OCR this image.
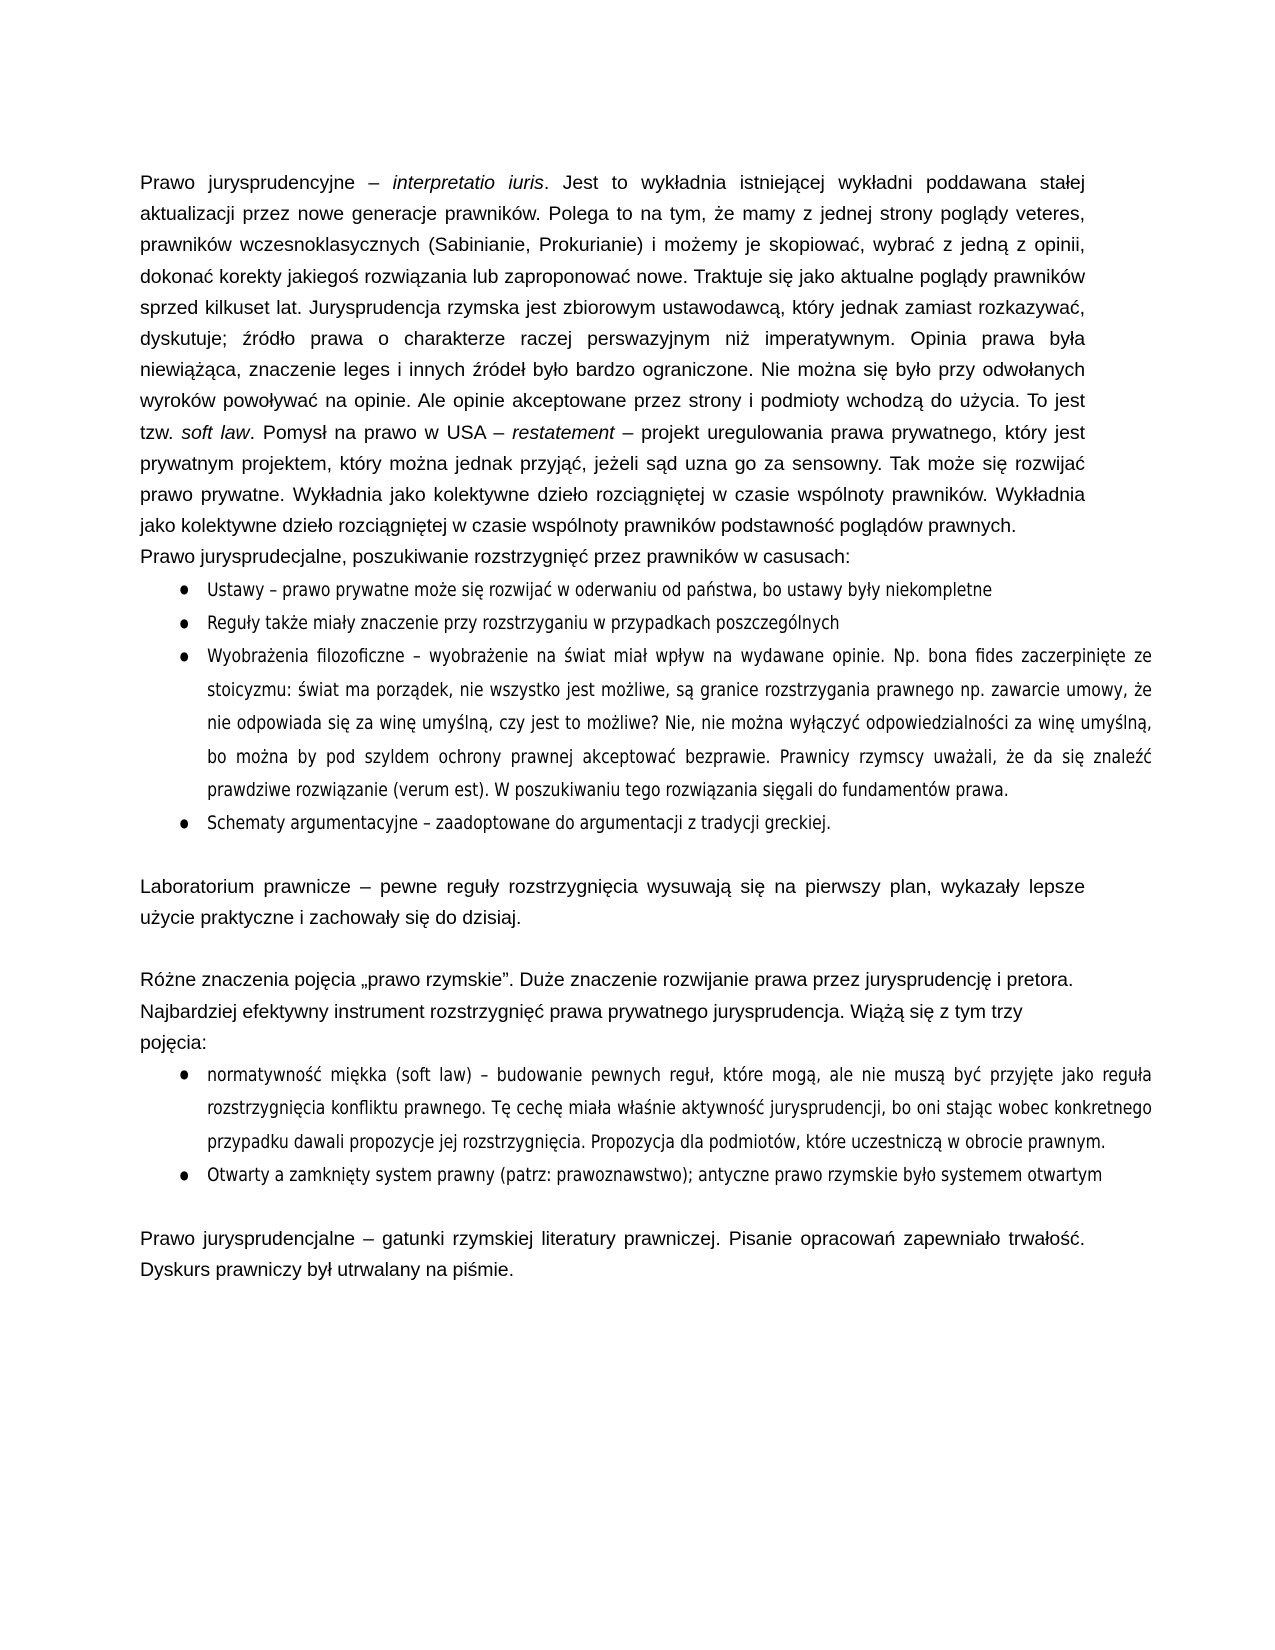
Prawo jurysprudencyjne – interpretatio iuris. Jest to wykładnia istniejącej wykładni poddawana stałej aktualizacji przez nowe generacje prawników. Polega to na tym, że mamy z jednej strony poglądy veteres, prawników wczesnoklasycznych (Sabinianie, Prokurianie) i możemy je skopiować, wybrać z jedną z opinii, dokonać korekty jakiegoś rozwiązania lub zaproponować nowe. Traktuje się jako aktualne poglądy prawników sprzed kilkuset lat. Jurysprudencja rzymska jest zbiorowym ustawodawcą, który jednak zamiast rozkazywać, dyskutuje; źródło prawa o charakterze raczej perswazyjnym niż imperatywnym. Opinia prawa była niewiążąca, znaczenie leges i innych źródeł było bardzo ograniczone. Nie można się było przy odwołanych wyroków powoływać na opinie. Ale opinie akceptowane przez strony i podmioty wchodzą do użycia. To jest tzw. soft law. Pomysł na prawo w USA – restatement – projekt uregulowania prawa prywatnego, który jest prywatnym projektem, który można jednak przyjąć, jeżeli sąd uzna go za sensowny. Tak może się rozwijać prawo prywatne. Wykładnia jako kolektywne dzieło rozciągniętej w czasie wspólnoty prawników. Wykładnia jako kolektywne dzieło rozciągniętej w czasie wspólnoty prawników podstawność poglądów prawnych.

Prawo jurysprudecjalne, poszukiwanie rozstrzygnięć przez prawników w casusach:

● Ustawy – prawo prywatne może się rozwijać w oderwaniu od państwa, bo ustawy były niekompletne
● Reguły także miały znaczenie przy rozstrzyganiu w przypadkach poszczególnych
● Wyobrażenia filozoficzne – wyobrażenie na świat miał wpływ na wydawane opinie. Np. bona fides zaczerpinięte ze stoicyzmu: świat ma porządek, nie wszystko jest możliwe, są granice rozstrzygania prawnego np. zawarcie umowy, że nie odpowiada się za winę umyślną, czy jest to możliwe? Nie, nie można wyłączyć odpowiedzialności za winę umyślną, bo można by pod szyldem ochrony prawnej akceptować bezprawie. Prawnicy rzymscy uważali, że da się znaleźć prawdziwe rozwiązanie (verum est). W poszukiwaniu tego rozwiązania sięgali do fundamentów prawa.
● Schematy argumentacyjne – zaadoptowane do argumentacji z tradycji greckiej.

Laboratorium prawnicze – pewne reguły rozstrzygnięcia wysuwają się na pierwszy plan, wykazały lepsze użycie praktyczne i zachowały się do dzisiaj.

Różne znaczenia pojęcia „prawo rzymskie”. Duże znaczenie rozwijanie prawa przez jurysprudencję i pretora.

Najbardziej efektywny instrument rozstrzygnięć prawa prywatnego jurysprudencja. Wiążą się z tym trzy pojęcia:

● normatywność miękka (soft law) – budowanie pewnych reguł, które mogą, ale nie muszą być przyjęte jako reguła rozstrzygnięcia konfliktu prawnego. Tę cechę miała właśnie aktywność jurysprudencji, bo oni stając wobec konkretnego przypadku dawali propozycje jej rozstrzygnięcia. Propozycja dla podmiotów, które uczestniczą w obrocie prawnym.
● Otwarty a zamknięty system prawny (patrz: prawoznawstwo); antyczne prawo rzymskie było systemem otwartym

Prawo jurysprudencjalne – gatunki rzymskiej literatury prawniczej. Pisanie opracowań zapewniało trwałość. Dyskurs prawniczy był utrwalany na piśmie.
